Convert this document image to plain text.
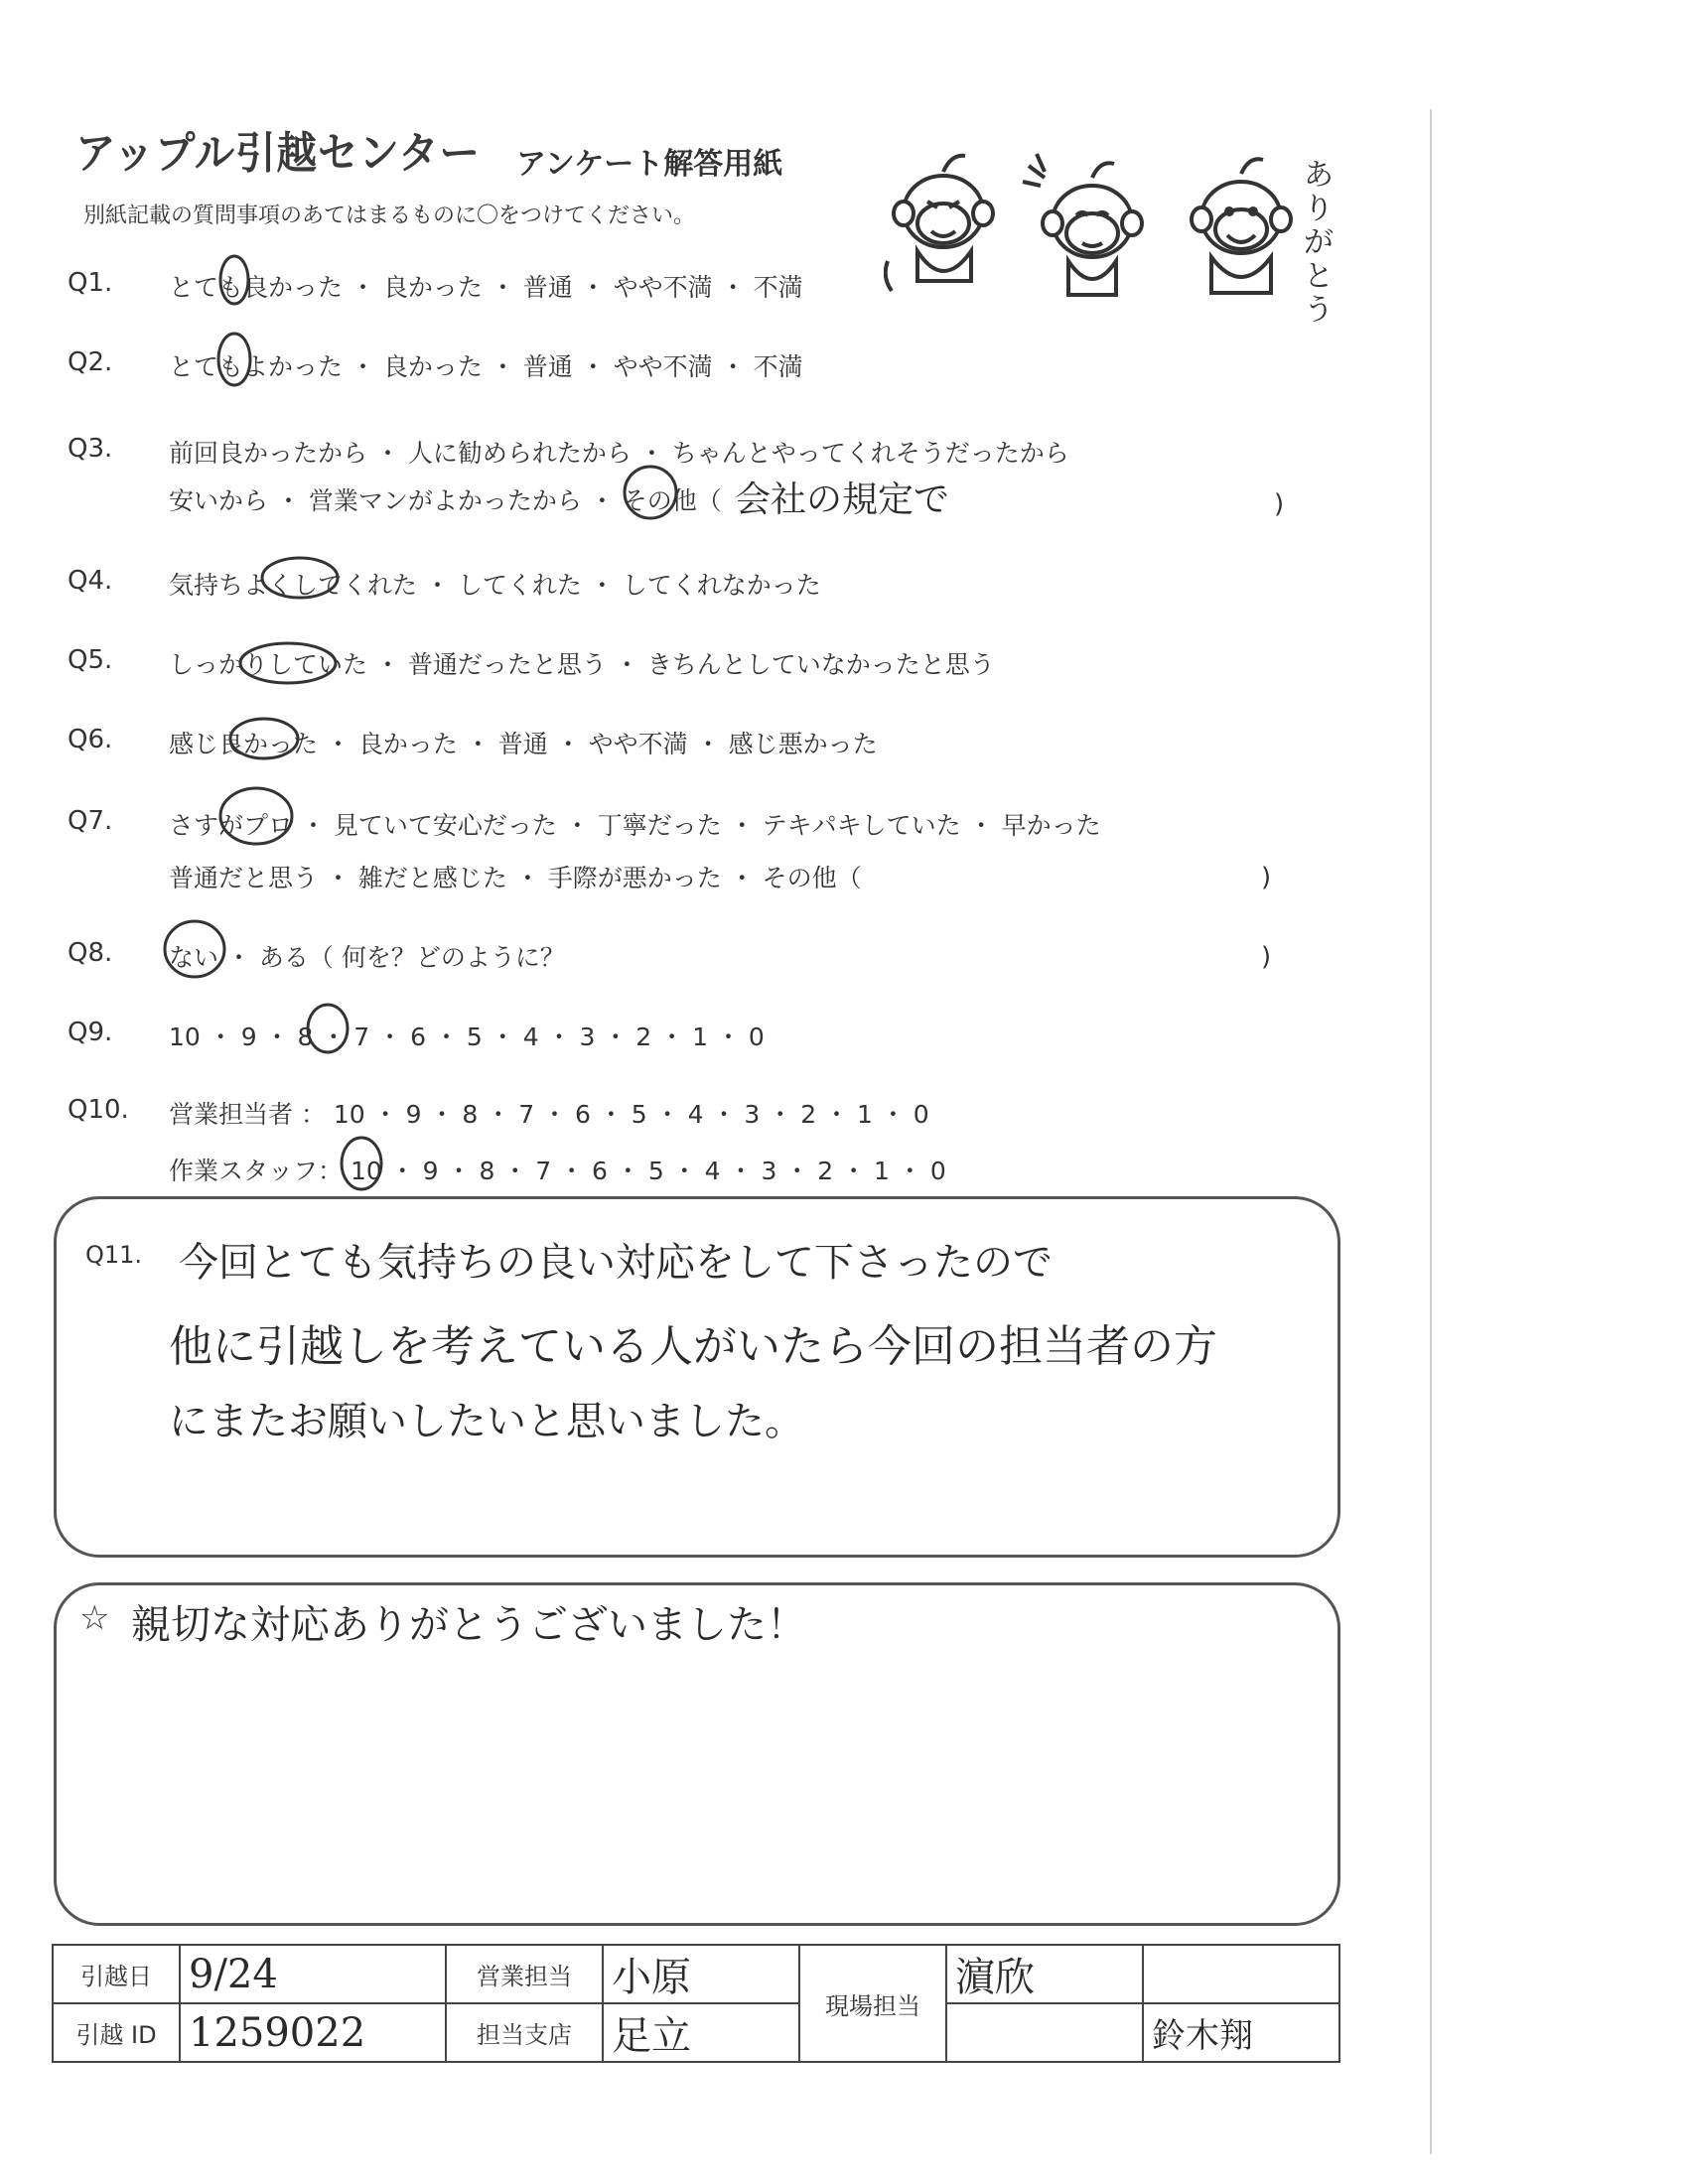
アップル引越センター アンケート解答用紙
別紙記載の質問事項のあてはまるものに〇をつけてください。
あ
り
が
と
う
Q1. とても良かった ・ 良かった ・ 普通 ・ やや不満 ・ 不満
Q2. とてもよかった ・ 良かった ・ 普通 ・ やや不満 ・ 不満
Q3. 前回良かったから ・ 人に勧められたから ・ ちゃんとやってくれそうだったから
安いから ・ 営業マンがよかったから ・ その他（ 会社の規定で	)
Q4. 気持ちよくしてくれた ・ してくれた ・ してくれなかった
Q5. しっかりしていた ・ 普通だったと思う ・ きちんとしていなかったと思う
Q6. 感じ良かった ・ 良かった ・ 普通 ・ やや不満 ・ 感じ悪かった
Q7. さすがプロ ・ 見ていて安心だった ・ 丁寧だった ・ テキパキしていた ・ 早かった
普通だと思う ・ 雑だと感じた ・ 手際が悪かった ・ その他（	)
Q8. ない ・ ある（ 何を？どのように？	)
Q9. 10 ・ 9 ・ 8 ・ 7 ・ 6 ・ 5 ・ 4 ・ 3 ・ 2 ・ 1 ・ 0
Q10. 営業担当者 ： 10 ・ 9 ・ 8 ・ 7 ・ 6 ・ 5 ・ 4 ・ 3 ・ 2 ・ 1 ・ 0
作業スタッフ： 10 ・ 9 ・ 8 ・ 7 ・ 6 ・ 5 ・ 4 ・ 3 ・ 2 ・ 1 ・ 0
Q11. 今回とても気持ちの良い対応をして下さったので
他に引越しを考えている人がいたら今回の担当者の方
にまたお願いしたいと思いました。
☆ 親切な対応ありがとうございました！
引越日	9/24	営業担当	小原	現場担当	濵欣	
引越 ID	1259022	担当支店	足立			鈴木翔
